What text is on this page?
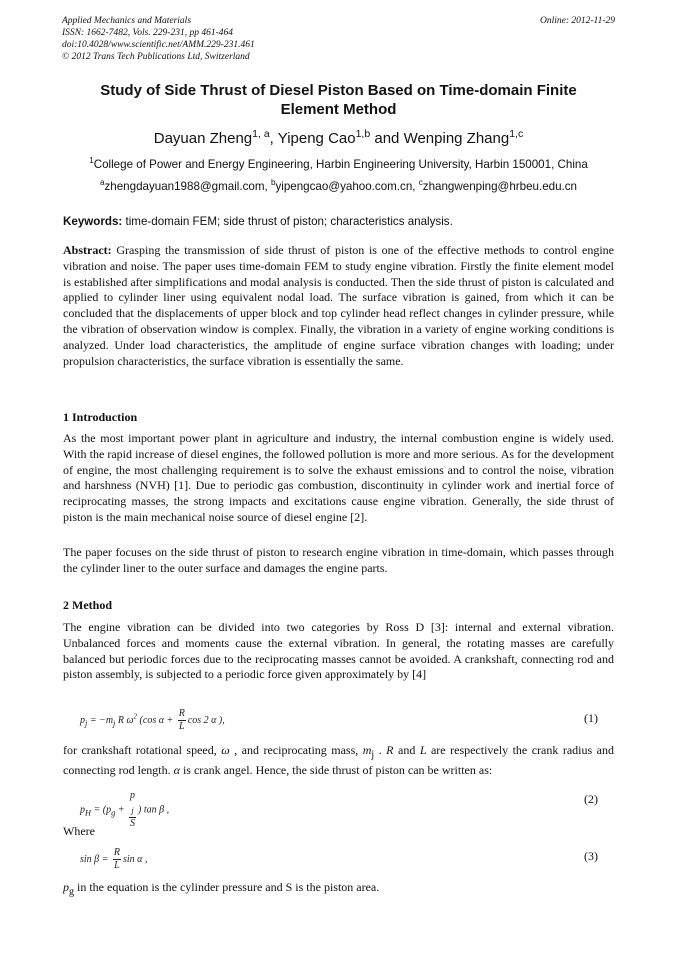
Applied Mechanics and Materials
ISSN: 1662-7482, Vols. 229-231, pp 461-464
doi:10.4028/www.scientific.net/AMM.229-231.461
© 2012 Trans Tech Publications Ltd, Switzerland
Online: 2012-11-29
Study of Side Thrust of Diesel Piston Based on Time-domain Finite
Element Method
Dayuan Zheng$^{1, a}$, Yipeng Cao$^{1,b}$ and Wenping Zhang$^{1,c}$
$^1$College of Power and Energy Engineering, Harbin Engineering University, Harbin 150001, China
$^a$zhengdayuan1988@gmail.com, $^b$yipengcao@yahoo.com.cn, $^c$zhangwenping@hrbeu.edu.cn
Keywords: time-domain FEM; side thrust of piston; characteristics analysis.

Abstract: Grasping the transmission of side thrust of piston is one of the effective methods to control engine vibration and noise. The paper uses time-domain FEM to study engine vibration. Firstly the finite element model is established after simplifications and modal analysis is conducted. Then the side thrust of piston is calculated and applied to cylinder liner using equivalent nodal load. The surface vibration is gained, from which it can be concluded that the displacements of upper block and top cylinder head reflect changes in cylinder pressure, while the vibration of observation window is complex. Finally, the vibration in a variety of engine working conditions is analyzed. Under load characteristics, the amplitude of engine surface vibration changes with loading; under propulsion characteristics, the surface vibration is essentially the same.

1 Introduction

As the most important power plant in agriculture and industry, the internal combustion engine is widely used. With the rapid increase of diesel engines, the followed pollution is more and more serious. As for the development of engine, the most challenging requirement is to solve the exhaust emissions and to control the noise, vibration and harshness (NVH) [1]. Due to periodic gas combustion, discontinuity in cylinder work and inertial force of reciprocating masses, the strong impacts and excitations cause engine vibration. Generally, the side thrust of piston is the main mechanical noise source of diesel engine [2].

The paper focuses on the side thrust of piston to research engine vibration in time-domain, which passes through the cylinder liner to the outer surface and damages the engine parts.

2 Method

The engine vibration can be divided into two categories by Ross D [3]: internal and external vibration. Unbalanced forces and moments cause the external vibration. In general, the rotating masses are carefully balanced but periodic forces due to the reciprocating masses cannot be avoided. A crankshaft, connecting rod and piston assembly, is subjected to a periodic force given approximately by [4]

$p_j = -m_j$ R $\omega^2$ (cos $\alpha + \frac{R}{L}$ cos 2 α ),	(1)

for crankshaft rotational speed, ω , and reciprocating mass, $m_j$ . R and L are respectively the crank radius and connecting rod length. α is crank angel. Hence, the side thrust of piston can be written as:

$p_H = (p_g + p$
$_j$
S ) tan β ,
(2)

Where

$\sin \beta = \frac{R}{L}$ sin α ,	(3)

$p_g$ in the equation is the cylinder pressure and S is the piston area.
